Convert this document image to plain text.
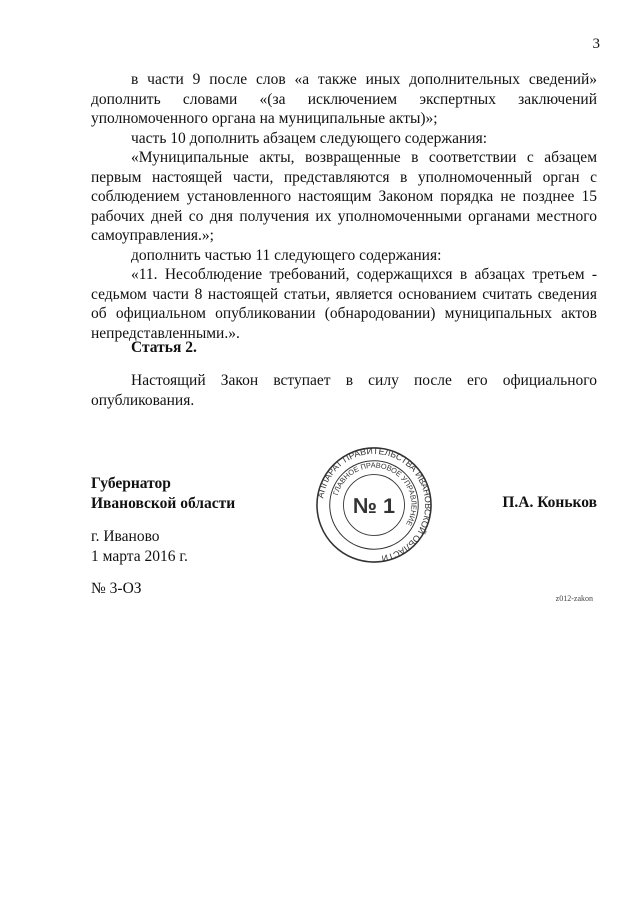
3

в части 9 после слов «а также иных дополнительных сведений» дополнить словами «(за исключением экспертных заключений уполномоченного органа на муниципальные акты)»;

часть 10 дополнить абзацем следующего содержания:

«Муниципальные акты, возвращенные в соответствии с абзацем первым настоящей части, представляются в уполномоченный орган с соблюдением установленного настоящим Законом порядка не позднее 15 рабочих дней со дня получения их уполномоченными органами местного самоуправления.»;

дополнить частью 11 следующего содержания:

«11. Несоблюдение требований, содержащихся в абзацах третьем - седьмом части 8 настоящей статьи, является основанием считать сведения об официальном опубликовании (обнародовании) муниципальных актов непредставленными.».

Статья 2.

Настоящий Закон вступает в силу после его официального опубликования.

Губернатор
Ивановской области	АППАРАТ ПРАВИТЕЛЬСТВА ИВАНОВСКОЙ ОБЛАСТИ
ГЛАВНОЕ ПРАВОВОЕ УПРАВЛЕНИЕ
№ 1	П.А. Коньков
г. Иваново
1 марта 2016 г.
№ 3-ОЗ
z012-zakon
